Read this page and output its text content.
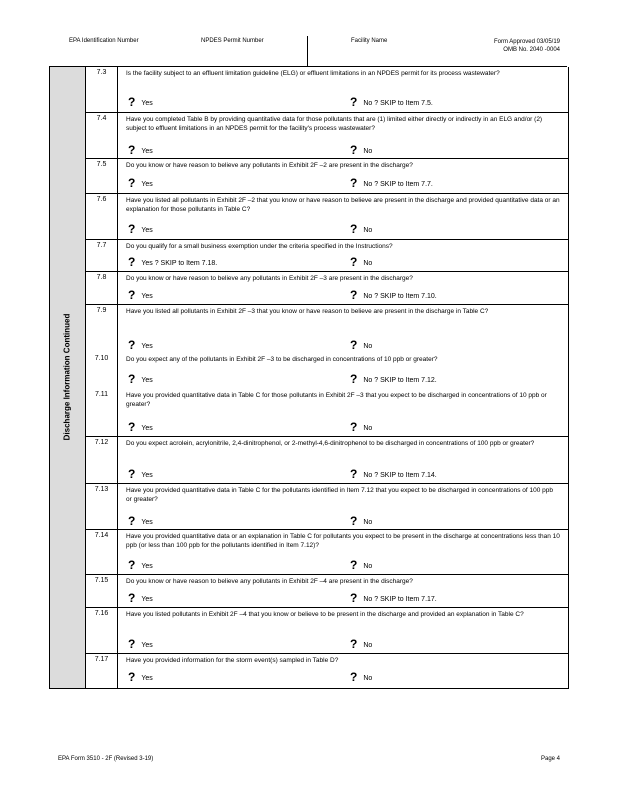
EPA Identification Number	NPDES Permit Number	Facility Name	Form Approved 03/05/19
OMB No. 2040 -0004
Discharge Information Continued
7.3	Is the facility subject to an effluent limitation guideline (ELG) or effluent limitations in an NPDES permit for its process wastewater?
? Yes	? No ? SKIP to Item 7.5.
7.4	Have you completed Table B by providing quantitative data for those pollutants that are (1) limited either directly or indirectly in an ELG and/or (2) subject to effluent limitations in an NPDES permit for the facility's process wastewater?
? Yes	? No
7.5	Do you know or have reason to believe any pollutants in Exhibit 2F –2 are present in the discharge?
? Yes	? No ? SKIP to Item 7.7.
7.6	Have you listed all pollutants in Exhibit 2F –2 that you know or have reason to believe are present in the discharge and provided quantitative data or an explanation for those pollutants in Table C?
? Yes	? No
7.7	Do you qualify for a small business exemption under the criteria specified in the Instructions?
? Yes ? SKIP to Item 7.18.	? No
7.8	Do you know or have reason to believe any pollutants in Exhibit 2F –3 are present in the discharge?
? Yes	? No ? SKIP to Item 7.10.
7.9	Have you listed all pollutants in Exhibit 2F –3 that you know or have reason to believe are present in the discharge in Table C?
? Yes	? No
7.10	Do you expect any of the pollutants in Exhibit 2F –3 to be discharged in concentrations of 10 ppb or greater?
? Yes	? No ? SKIP to Item 7.12.
7.11	Have you provided quantitative data in Table C for those pollutants in Exhibit 2F –3 that you expect to be discharged in concentrations of 10 ppb or greater?
? Yes	? No
7.12	Do you expect acrolein, acrylonitrile, 2,4-dinitrophenol, or 2-methyl-4,6-dinitrophenol to be discharged in concentrations of 100 ppb or greater?
? Yes	? No ? SKIP to Item 7.14.
7.13	Have you provided quantitative data in Table C for the pollutants identified in Item 7.12 that you expect to be discharged in concentrations of 100 ppb or greater?
? Yes	? No
7.14	Have you provided quantitative data or an explanation in Table C for pollutants you expect to be present in the discharge at concentrations less than 10 ppb (or less than 100 ppb for the pollutants identified in Item 7.12)?
? Yes	? No
7.15	Do you know or have reason to believe any pollutants in Exhibit 2F –4 are present in the discharge?
? Yes	? No ? SKIP to Item 7.17.
7.16	Have you listed pollutants in Exhibit 2F –4 that you know or believe to be present in the discharge and provided an explanation in Table C?
? Yes	? No
7.17	Have you provided information for the storm event(s) sampled in Table D?
? Yes	? No
EPA Form 3510 - 2F (Revised 3-19)	Page 4
